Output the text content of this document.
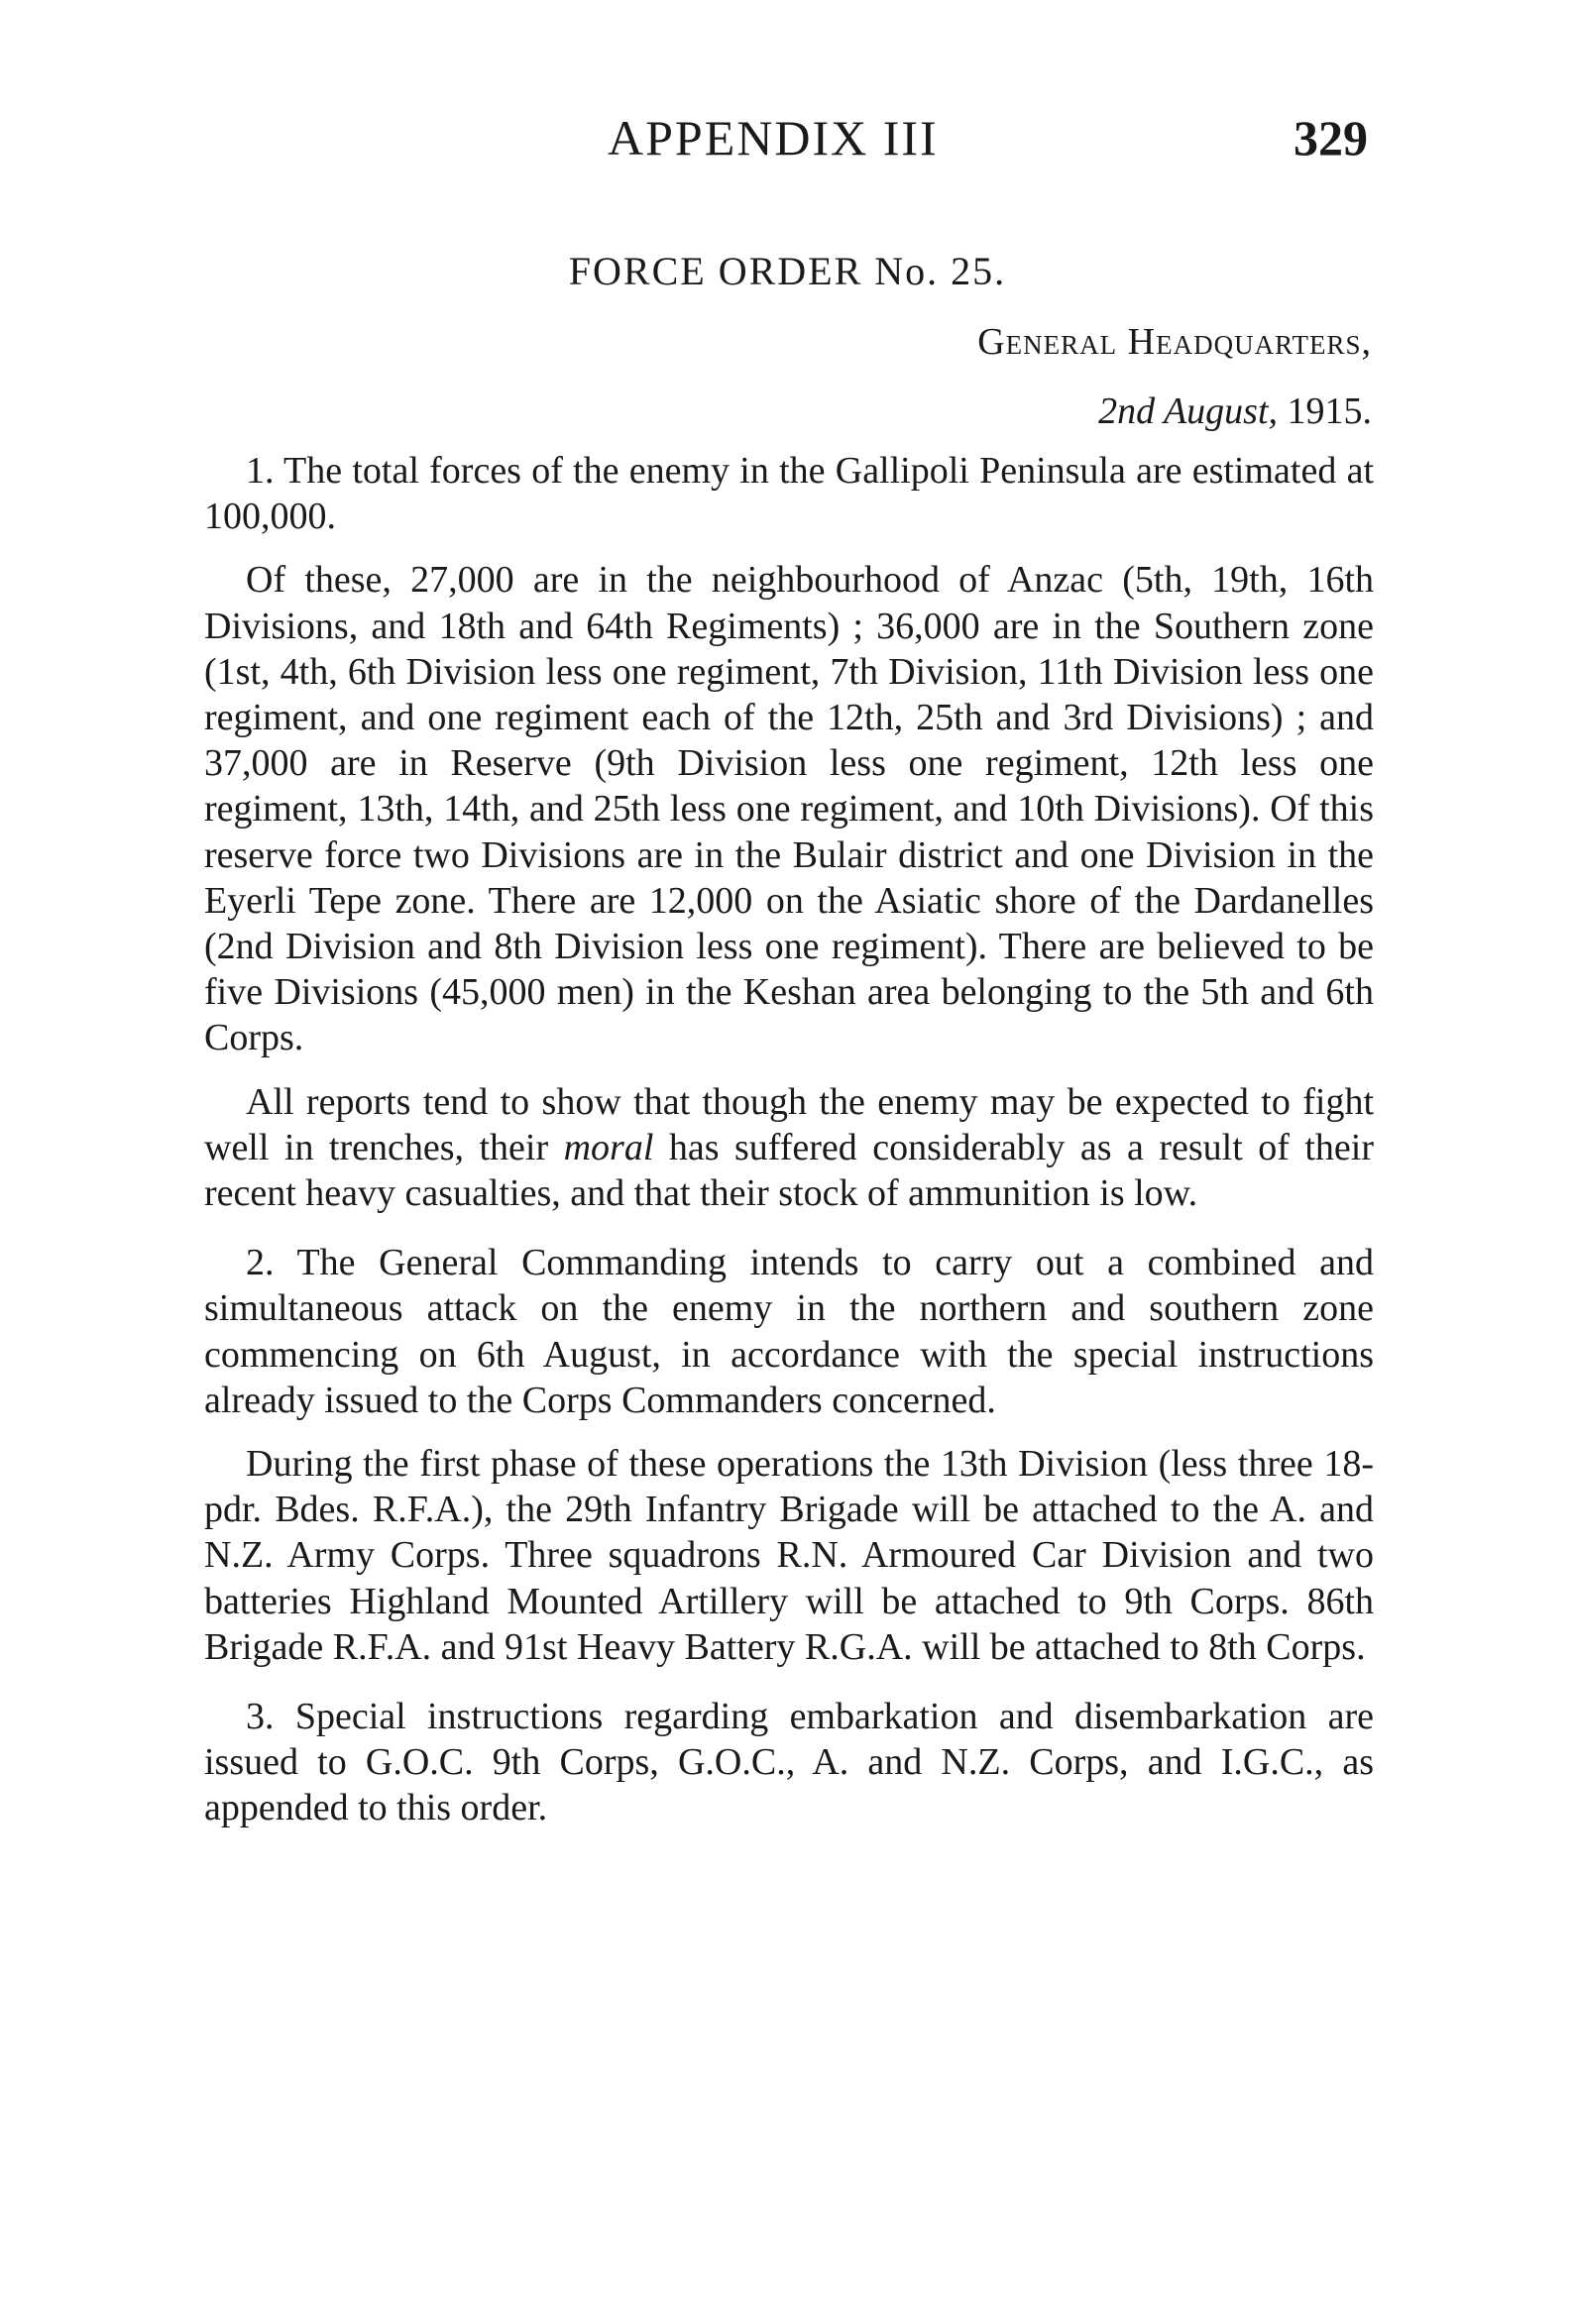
APPENDIX III	329
FORCE ORDER No. 25.
General Headquarters,
2nd August, 1915.

1. The total forces of the enemy in the Gallipoli Peninsula are estimated at 100,000.

Of these, 27,000 are in the neighbourhood of Anzac (5th, 19th, 16th Divisions, and 18th and 64th Regiments) ; 36,000 are in the Southern zone (1st, 4th, 6th Division less one regiment, 7th Division, 11th Division less one regiment, and one regiment each of the 12th, 25th and 3rd Divisions) ; and 37,000 are in Reserve (9th Division less one regiment, 12th less one regiment, 13th, 14th, and 25th less one regiment, and 10th Divisions). Of this reserve force two Divisions are in the Bulair district and one Division in the Eyerli Tepe zone. There are 12,000 on the Asiatic shore of the Dardanelles (2nd Division and 8th Division less one regiment). There are believed to be five Divisions (45,000 men) in the Keshan area belonging to the 5th and 6th Corps.

All reports tend to show that though the enemy may be expected to fight well in trenches, their moral has suffered considerably as a result of their recent heavy casualties, and that their stock of ammunition is low.

2. The General Commanding intends to carry out a combined and simultaneous attack on the enemy in the northern and southern zone commencing on 6th August, in accordance with the special instructions already issued to the Corps Commanders concerned.

During the first phase of these operations the 13th Division (less three 18-pdr. Bdes. R.F.A.), the 29th Infantry Brigade will be attached to the A. and N.Z. Army Corps. Three squadrons R.N. Armoured Car Division and two batteries Highland Mounted Artillery will be attached to 9th Corps. 86th Brigade R.F.A. and 91st Heavy Battery R.G.A. will be attached to 8th Corps.

3. Special instructions regarding embarkation and disembarkation are issued to G.O.C. 9th Corps, G.O.C., A. and N.Z. Corps, and I.G.C., as appended to this order.
